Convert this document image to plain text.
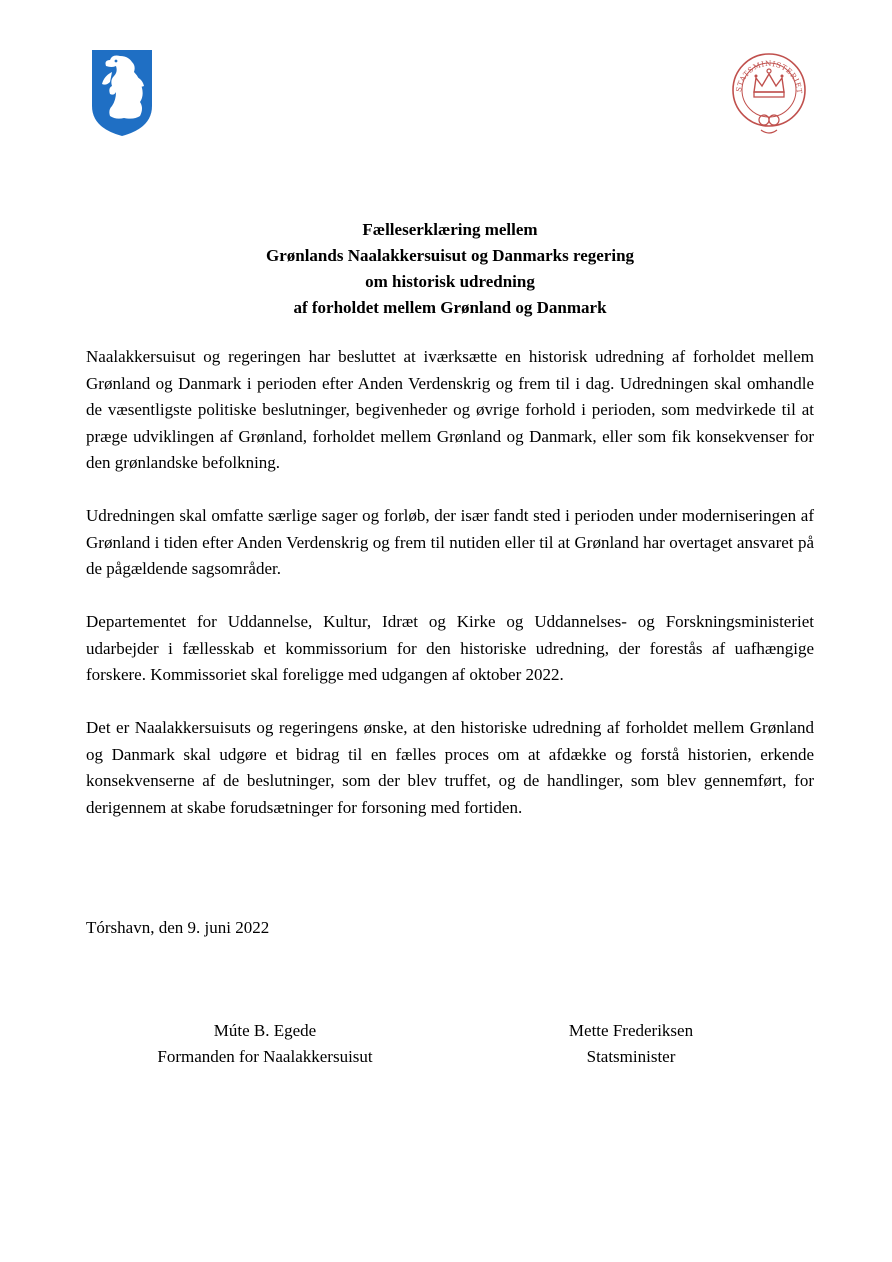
STATSMINISTERIET
Fælleserklæring mellem
Grønlands Naalakkersuisut og Danmarks regering
om historisk udredning
af forholdet mellem Grønland og Danmark

Naalakkersuisut og regeringen har besluttet at iværksætte en historisk udredning af forholdet mellem Grønland og Danmark i perioden efter Anden Verdenskrig og frem til i dag. Udredningen skal omhandle de væsentligste politiske beslutninger, begivenheder og øvrige forhold i perioden, som medvirkede til at præge udviklingen af Grønland, forholdet mellem Grønland og Danmark, eller som fik konsekvenser for den grønlandske befolkning.

Udredningen skal omfatte særlige sager og forløb, der især fandt sted i perioden under moderniseringen af Grønland i tiden efter Anden Verdenskrig og frem til nutiden eller til at Grønland har overtaget ansvaret på de pågældende sagsområder.

Departementet for Uddannelse, Kultur, Idræt og Kirke og Uddannelses- og Forskningsministeriet udarbejder i fællesskab et kommissorium for den historiske udredning, der forestås af uafhængige forskere. Kommissoriet skal foreligge med udgangen af oktober 2022.

Det er Naalakkersuisuts og regeringens ønske, at den historiske udredning af forholdet mellem Grønland og Danmark skal udgøre et bidrag til en fælles proces om at afdække og forstå historien, erkende konsekvenserne af de beslutninger, som der blev truffet, og de handlinger, som blev gennemført, for derigennem at skabe forudsætninger for forsoning med fortiden.

Tórshavn, den 9. juni 2022
Múte B. Egede
Formanden for Naalakkersuisut
Mette Frederiksen
Statsminister
